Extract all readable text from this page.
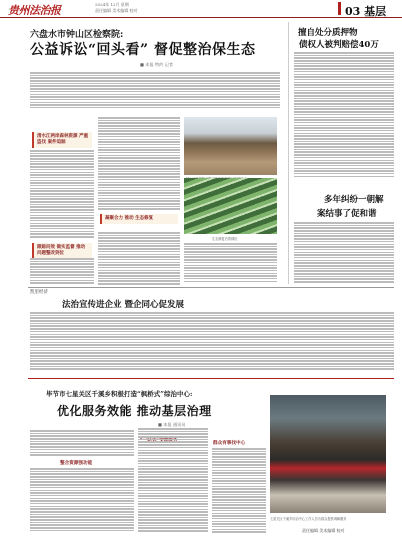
贵州法治报	2024年 12月 星期
责任编辑 美术编辑 校对	03 基层
六盘水市钟山区检察院:
公益诉讼“回头看” 督促整治保生态
■ 本报 特约 记者
清水江两岸森林资源 严重盗伐 案件追踪
跟踪问效 做实监督 推动问题整改到位
凝聚合力 推动 生态修复
生态修复后的梯田
擅自处分质押物
债权人被判赔偿40万
多年纠纷一朝解
案结事了促和谐
凯里经济
法治宣传进企业 暨企同心促发展
毕节市七星关区千溪乡积极打造“枫桥式”综治中心:
优化服务效能 推动基层治理
■ 本报 通讯员
整合资源强功能
群众有事找中心
七星关区千溪乡综治中心工作人员为群众提供调解服务
责任编辑 美术编辑 校对
